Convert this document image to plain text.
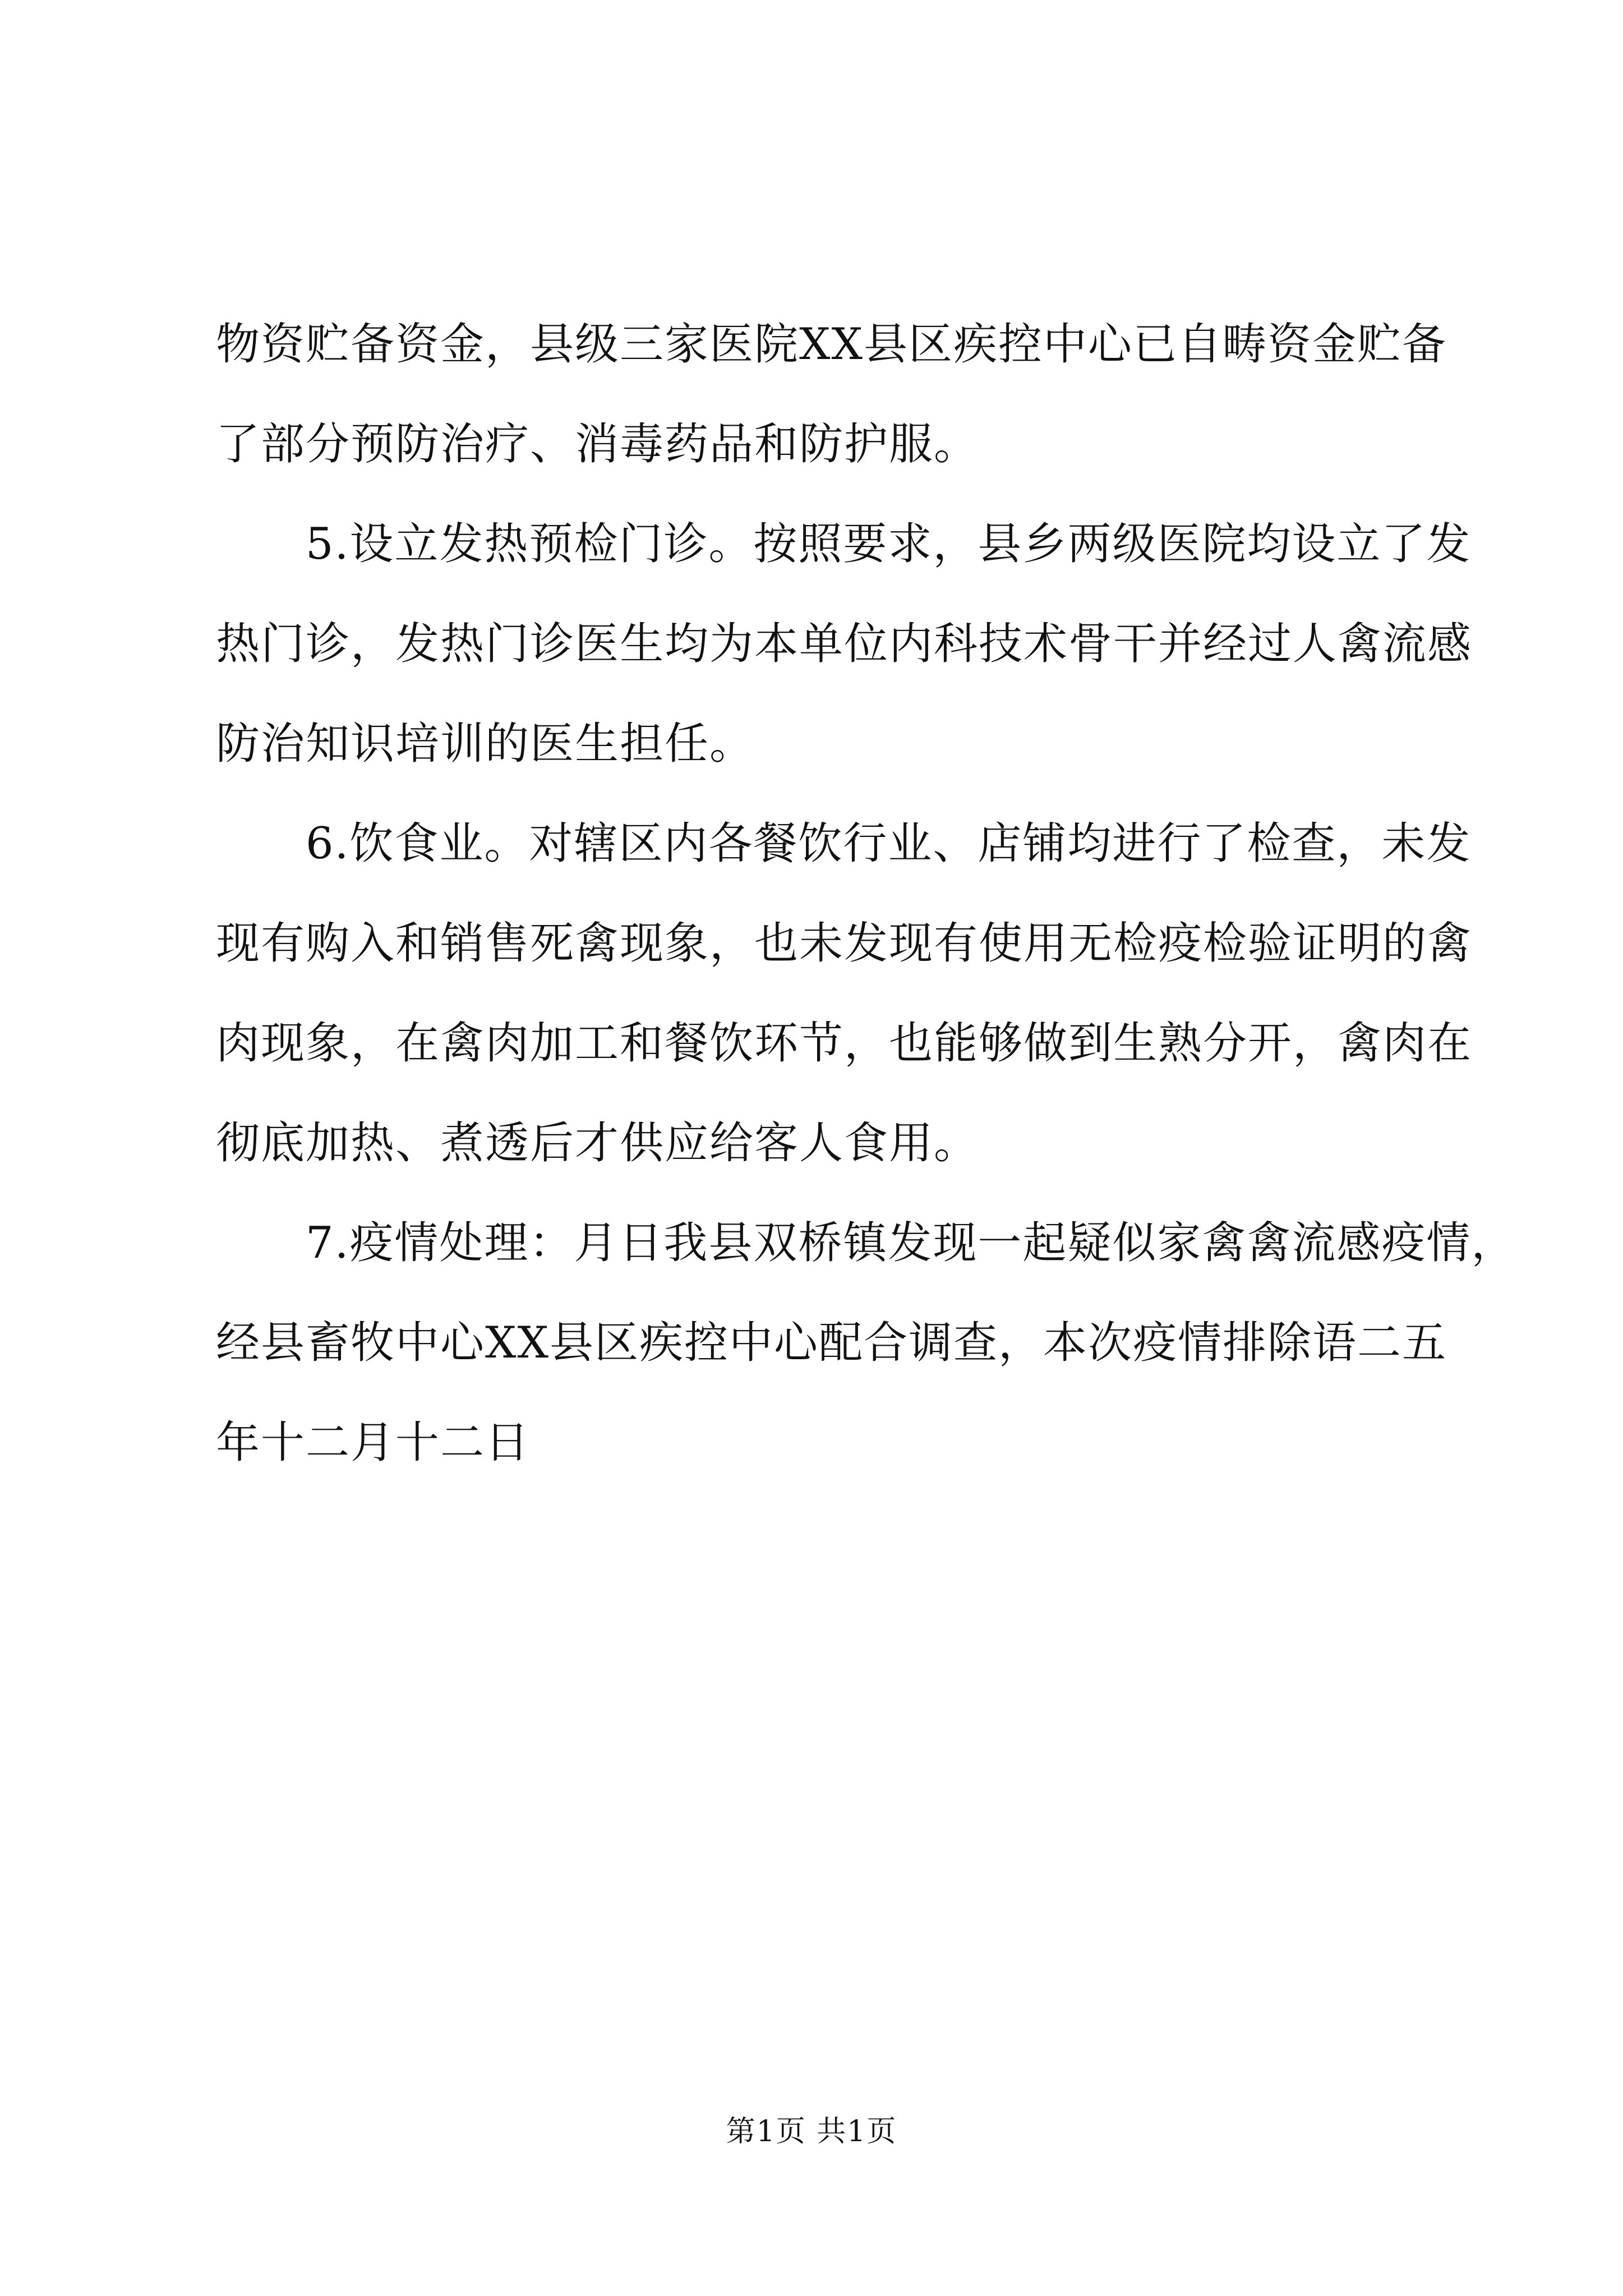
物资贮备资金，县级三家医院XX县区疾控中心已自畴资金贮备
了部分预防治疗、消毒药品和防护服。
5.设立发热预检门诊。按照要求，县乡两级医院均设立了发
热门诊，发热门诊医生均为本单位内科技术骨干并经过人禽流感
防治知识培训的医生担任。
6.饮食业。对辖区内各餐饮行业、店铺均进行了检查，未发
现有购入和销售死禽现象，也未发现有使用无检疫检验证明的禽
肉现象，在禽肉加工和餐饮环节，也能够做到生熟分开，禽肉在
彻底加热、煮透后才供应给客人食用。
7.疫情处理：月日我县双桥镇发现一起疑似家禽禽流感疫情，
经县畜牧中心XX县区疾控中心配合调查，本次疫情排除语二五
年十二月十二日
第1页 共1页
